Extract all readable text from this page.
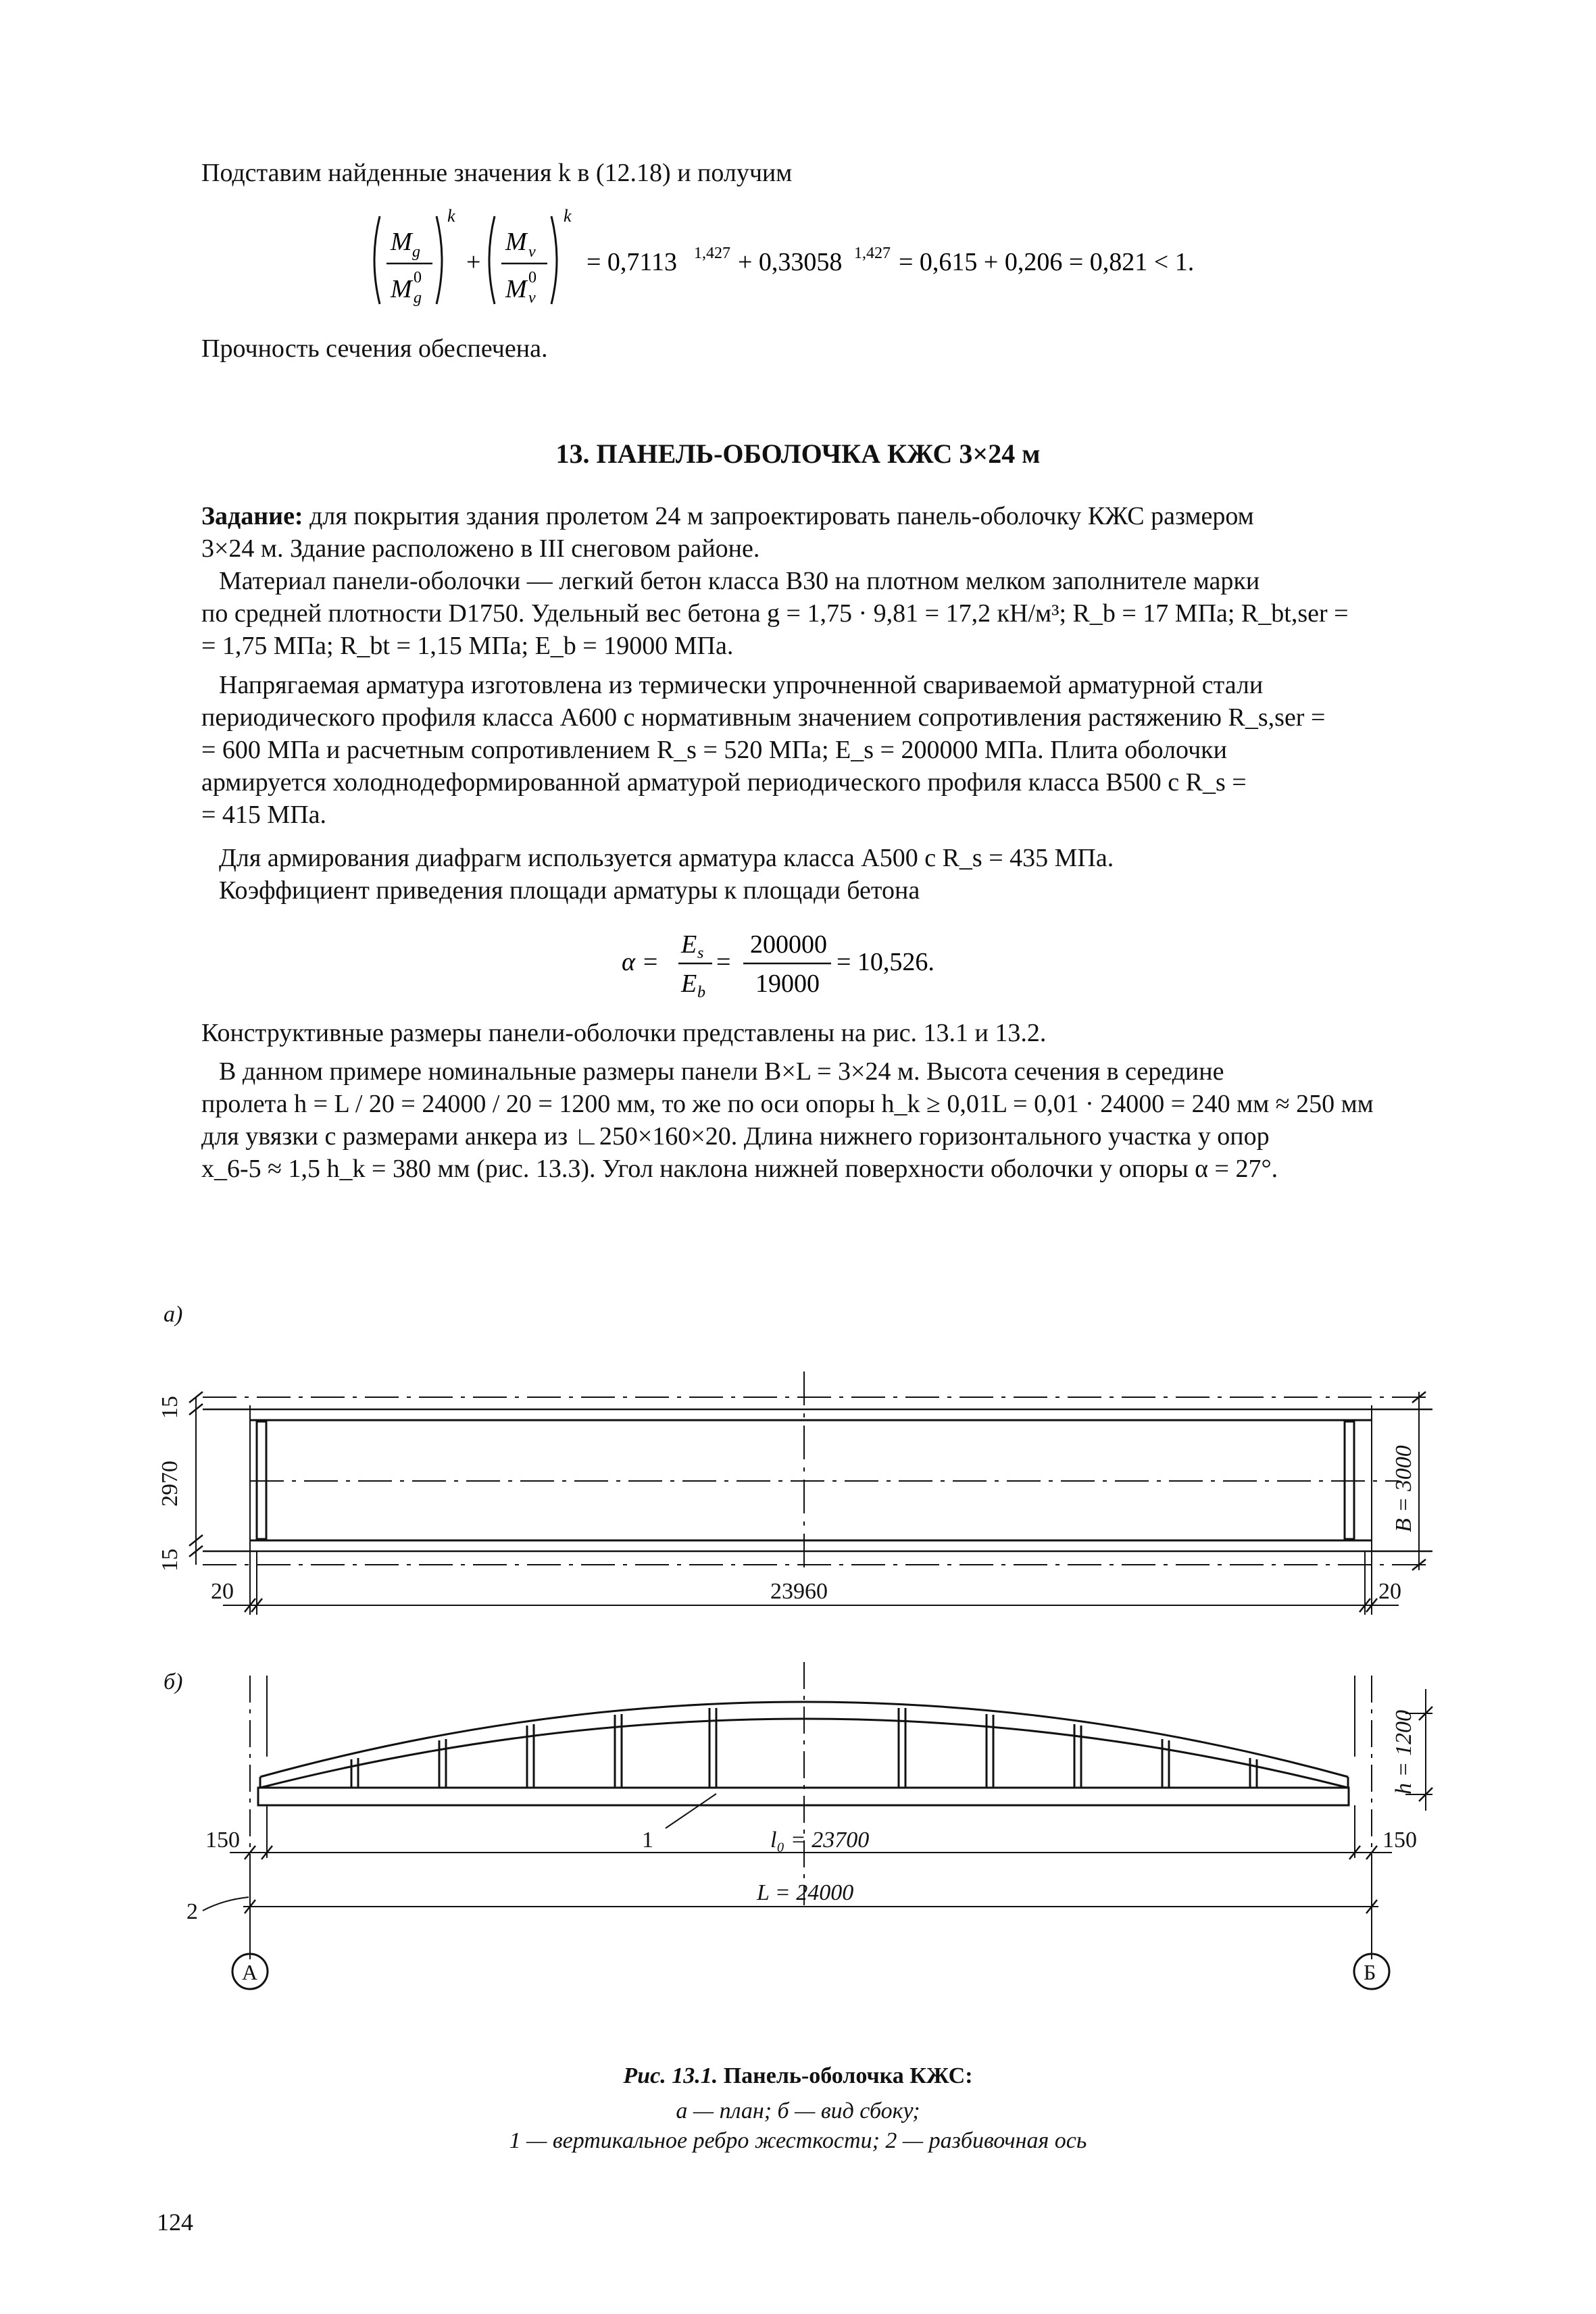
Подставим найденные значения k в (12.18) и получим
M g
M 0
g
k
+
M v
M 0
v
k
= 0,7113 1,427 + 0,33058 1,427 = 0,615 + 0,206 = 0,821 < 1.
Прочность сечения обеспечена.
13. ПАНЕЛЬ-ОБОЛОЧКА КЖС 3×24 м
Задание: для покрытия здания пролетом 24 м запроектировать панель-оболочку КЖС размером
3×24 м. Здание расположено в III снеговом районе.
Материал панели-оболочки — легкий бетон класса В30 на плотном мелком заполнителе марки
по средней плотности D1750. Удельный вес бетона g = 1,75 · 9,81 = 17,2 кН/м³; R_b = 17 МПа; R_bt,ser =
= 1,75 МПа; R_bt = 1,15 МПа; E_b = 19000 МПа.
Напрягаемая арматура изготовлена из термически упрочненной свариваемой арматурной стали
периодического профиля класса А600 с нормативным значением сопротивления растяжению R_s,ser =
= 600 МПа и расчетным сопротивлением R_s = 520 МПа; E_s = 200000 МПа. Плита оболочки
армируется холоднодеформированной арматурой периодического профиля класса В500 с R_s =
= 415 МПа.
Для армирования диафрагм используется арматура класса А500 с R_s = 435 МПа.
Коэффициент приведения площади арматуры к площади бетона
α =
E s
E b
=
200000
19000
= 10,526.
Конструктивные размеры панели-оболочки представлены на рис. 13.1 и 13.2.
В данном примере номинальные размеры панели B×L = 3×24 м. Высота сечения в середине
пролета h = L / 20 = 24000 / 20 = 1200 мм, то же по оси опоры h_k ≥ 0,01L = 0,01 · 24000 = 240 мм ≈ 250 мм
для увязки с размерами анкера из ∟250×160×20. Длина нижнего горизонтального участка у опор
x_6-5 ≈ 1,5 h_k = 380 мм (рис. 13.3). Угол наклона нижней поверхности оболочки у опоры α = 27°.
а)
б)
15
2970
15
20	23960	20
B = 3000
h = 1200
1
150	l₀ = 23700	150
2
L = 24000
А	Б
Рис. 13.1. Панель-оболочка КЖС:
а — план; б — вид сбоку;
1 — вертикальное ребро жесткости; 2 — разбивочная ось
124
